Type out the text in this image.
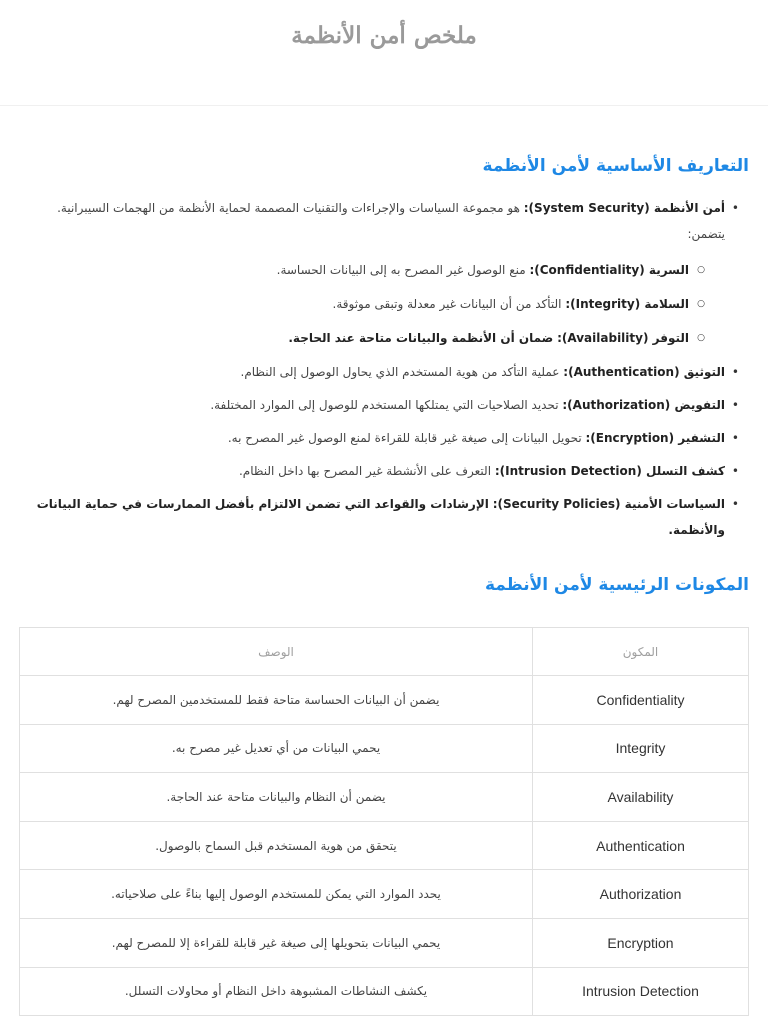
ملخص أمن الأنظمة
التعاريف الأساسية لأمن الأنظمة
• أمن الأنظمة (System Security): هو مجموعة السياسات والإجراءات والتقنيات المصممة لحماية الأنظمة من الهجمات السيبرانية. يتضمن:
○ السرية (Confidentiality): منع الوصول غير المصرح به إلى البيانات الحساسة.
○ السلامة (Integrity): التأكد من أن البيانات غير معدلة وتبقى موثوقة.
○ التوفر (Availability): ضمان أن الأنظمة والبيانات متاحة عند الحاجة.
• التوثيق (Authentication): عملية التأكد من هوية المستخدم الذي يحاول الوصول إلى النظام.
• التفويض (Authorization): تحديد الصلاحيات التي يمتلكها المستخدم للوصول إلى الموارد المختلفة.
• التشفير (Encryption): تحويل البيانات إلى صيغة غير قابلة للقراءة لمنع الوصول غير المصرح به.
• كشف التسلل (Intrusion Detection): التعرف على الأنشطة غير المصرح بها داخل النظام.
• السياسات الأمنية (Security Policies): الإرشادات والقواعد التي تضمن الالتزام بأفضل الممارسات في حماية البيانات والأنظمة.
المكونات الرئيسية لأمن الأنظمة
المكون	الوصف
Confidentiality	يضمن أن البيانات الحساسة متاحة فقط للمستخدمين المصرح لهم.
Integrity	يحمي البيانات من أي تعديل غير مصرح به.
Availability	يضمن أن النظام والبيانات متاحة عند الحاجة.
Authentication	يتحقق من هوية المستخدم قبل السماح بالوصول.
Authorization	يحدد الموارد التي يمكن للمستخدم الوصول إليها بناءً على صلاحياته.
Encryption	يحمي البيانات بتحويلها إلى صيغة غير قابلة للقراءة إلا للمصرح لهم.
Intrusion Detection	يكشف النشاطات المشبوهة داخل النظام أو محاولات التسلل.
